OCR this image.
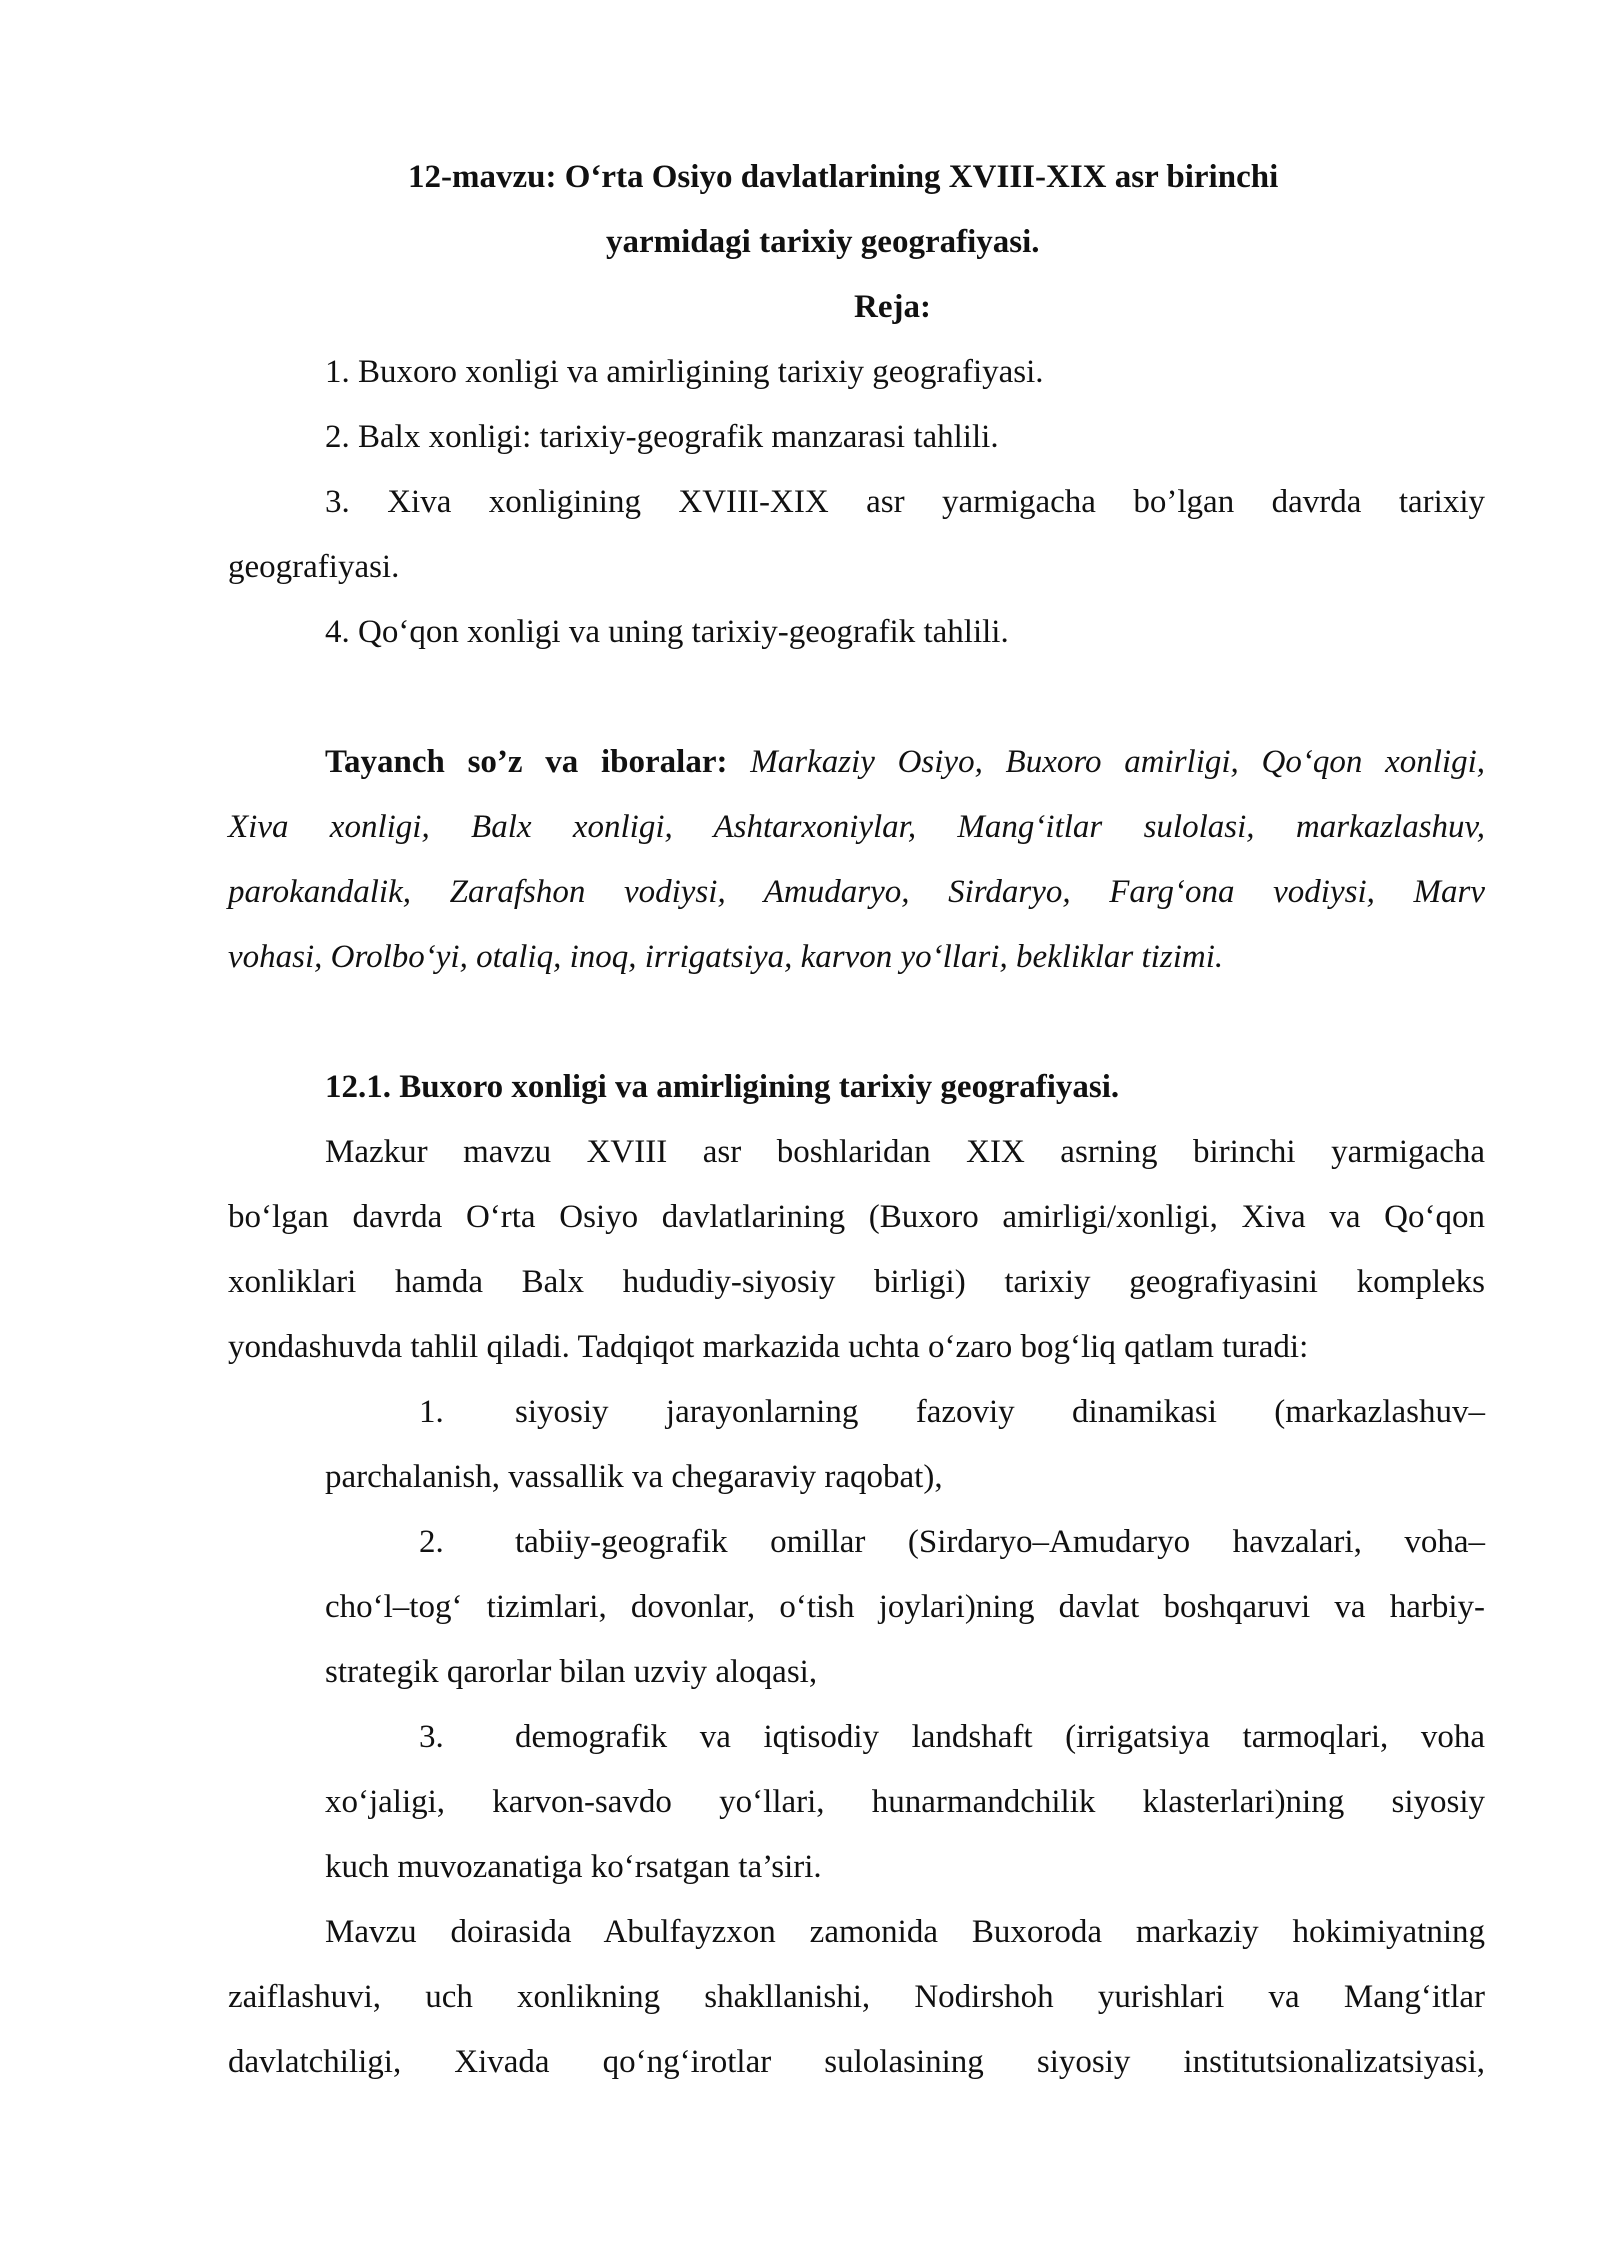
12-mavzu: O‘rta Osiyo davlatlarining XVIII-XIX asr birinchi
yarmidagi tarixiy geografiyasi.
Reja:
1. Buxoro xonligi va amirligining tarixiy geografiyasi.
2. Balx xonligi: tarixiy-geografik manzarasi tahlili.
3. Xiva xonligining XVIII-XIX asr yarmigacha bo’lgan davrda tarixiy
geografiyasi.
4. Qo‘qon xonligi va uning tarixiy-geografik tahlili.
Tayanch so’z va iboralar: Markaziy Osiyo, Buxoro amirligi, Qo‘qon xonligi,
Xiva xonligi, Balx xonligi, Ashtarxoniylar, Mang‘itlar sulolasi, markazlashuv,
parokandalik, Zarafshon vodiysi, Amudaryo, Sirdaryo, Farg‘ona vodiysi, Marv
vohasi, Orolbo‘yi, otaliq, inoq, irrigatsiya, karvon yo‘llari, bekliklar tizimi.
12.1. Buxoro xonligi va amirligining tarixiy geografiyasi.
Mazkur mavzu XVIII asr boshlaridan XIX asrning birinchi yarmigacha
bo‘lgan davrda O‘rta Osiyo davlatlarining (Buxoro amirligi/xonligi, Xiva va Qo‘qon
xonliklari hamda Balx hududiy-siyosiy birligi) tarixiy geografiyasini kompleks
yondashuvda tahlil qiladi. Tadqiqot markazida uchta o‘zaro bog‘liq qatlam turadi:
1. siyosiy jarayonlarning fazoviy dinamikasi (markazlashuv–
parchalanish, vassallik va chegaraviy raqobat),
2. tabiiy-geografik omillar (Sirdaryo–Amudaryo havzalari, voha–
cho‘l–tog‘ tizimlari, dovonlar, o‘tish joylari)ning davlat boshqaruvi va harbiy-
strategik qarorlar bilan uzviy aloqasi,
3. demografik va iqtisodiy landshaft (irrigatsiya tarmoqlari, voha
xo‘jaligi, karvon-savdo yo‘llari, hunarmandchilik klasterlari)ning siyosiy
kuch muvozanatiga ko‘rsatgan ta’siri.
Mavzu doirasida Abulfayzxon zamonida Buxoroda markaziy hokimiyatning
zaiflashuvi, uch xonlikning shakllanishi, Nodirshoh yurishlari va Mang‘itlar
davlatchiligi, Xivada qo‘ng‘irotlar sulolasining siyosiy institutsionalizatsiyasi,
